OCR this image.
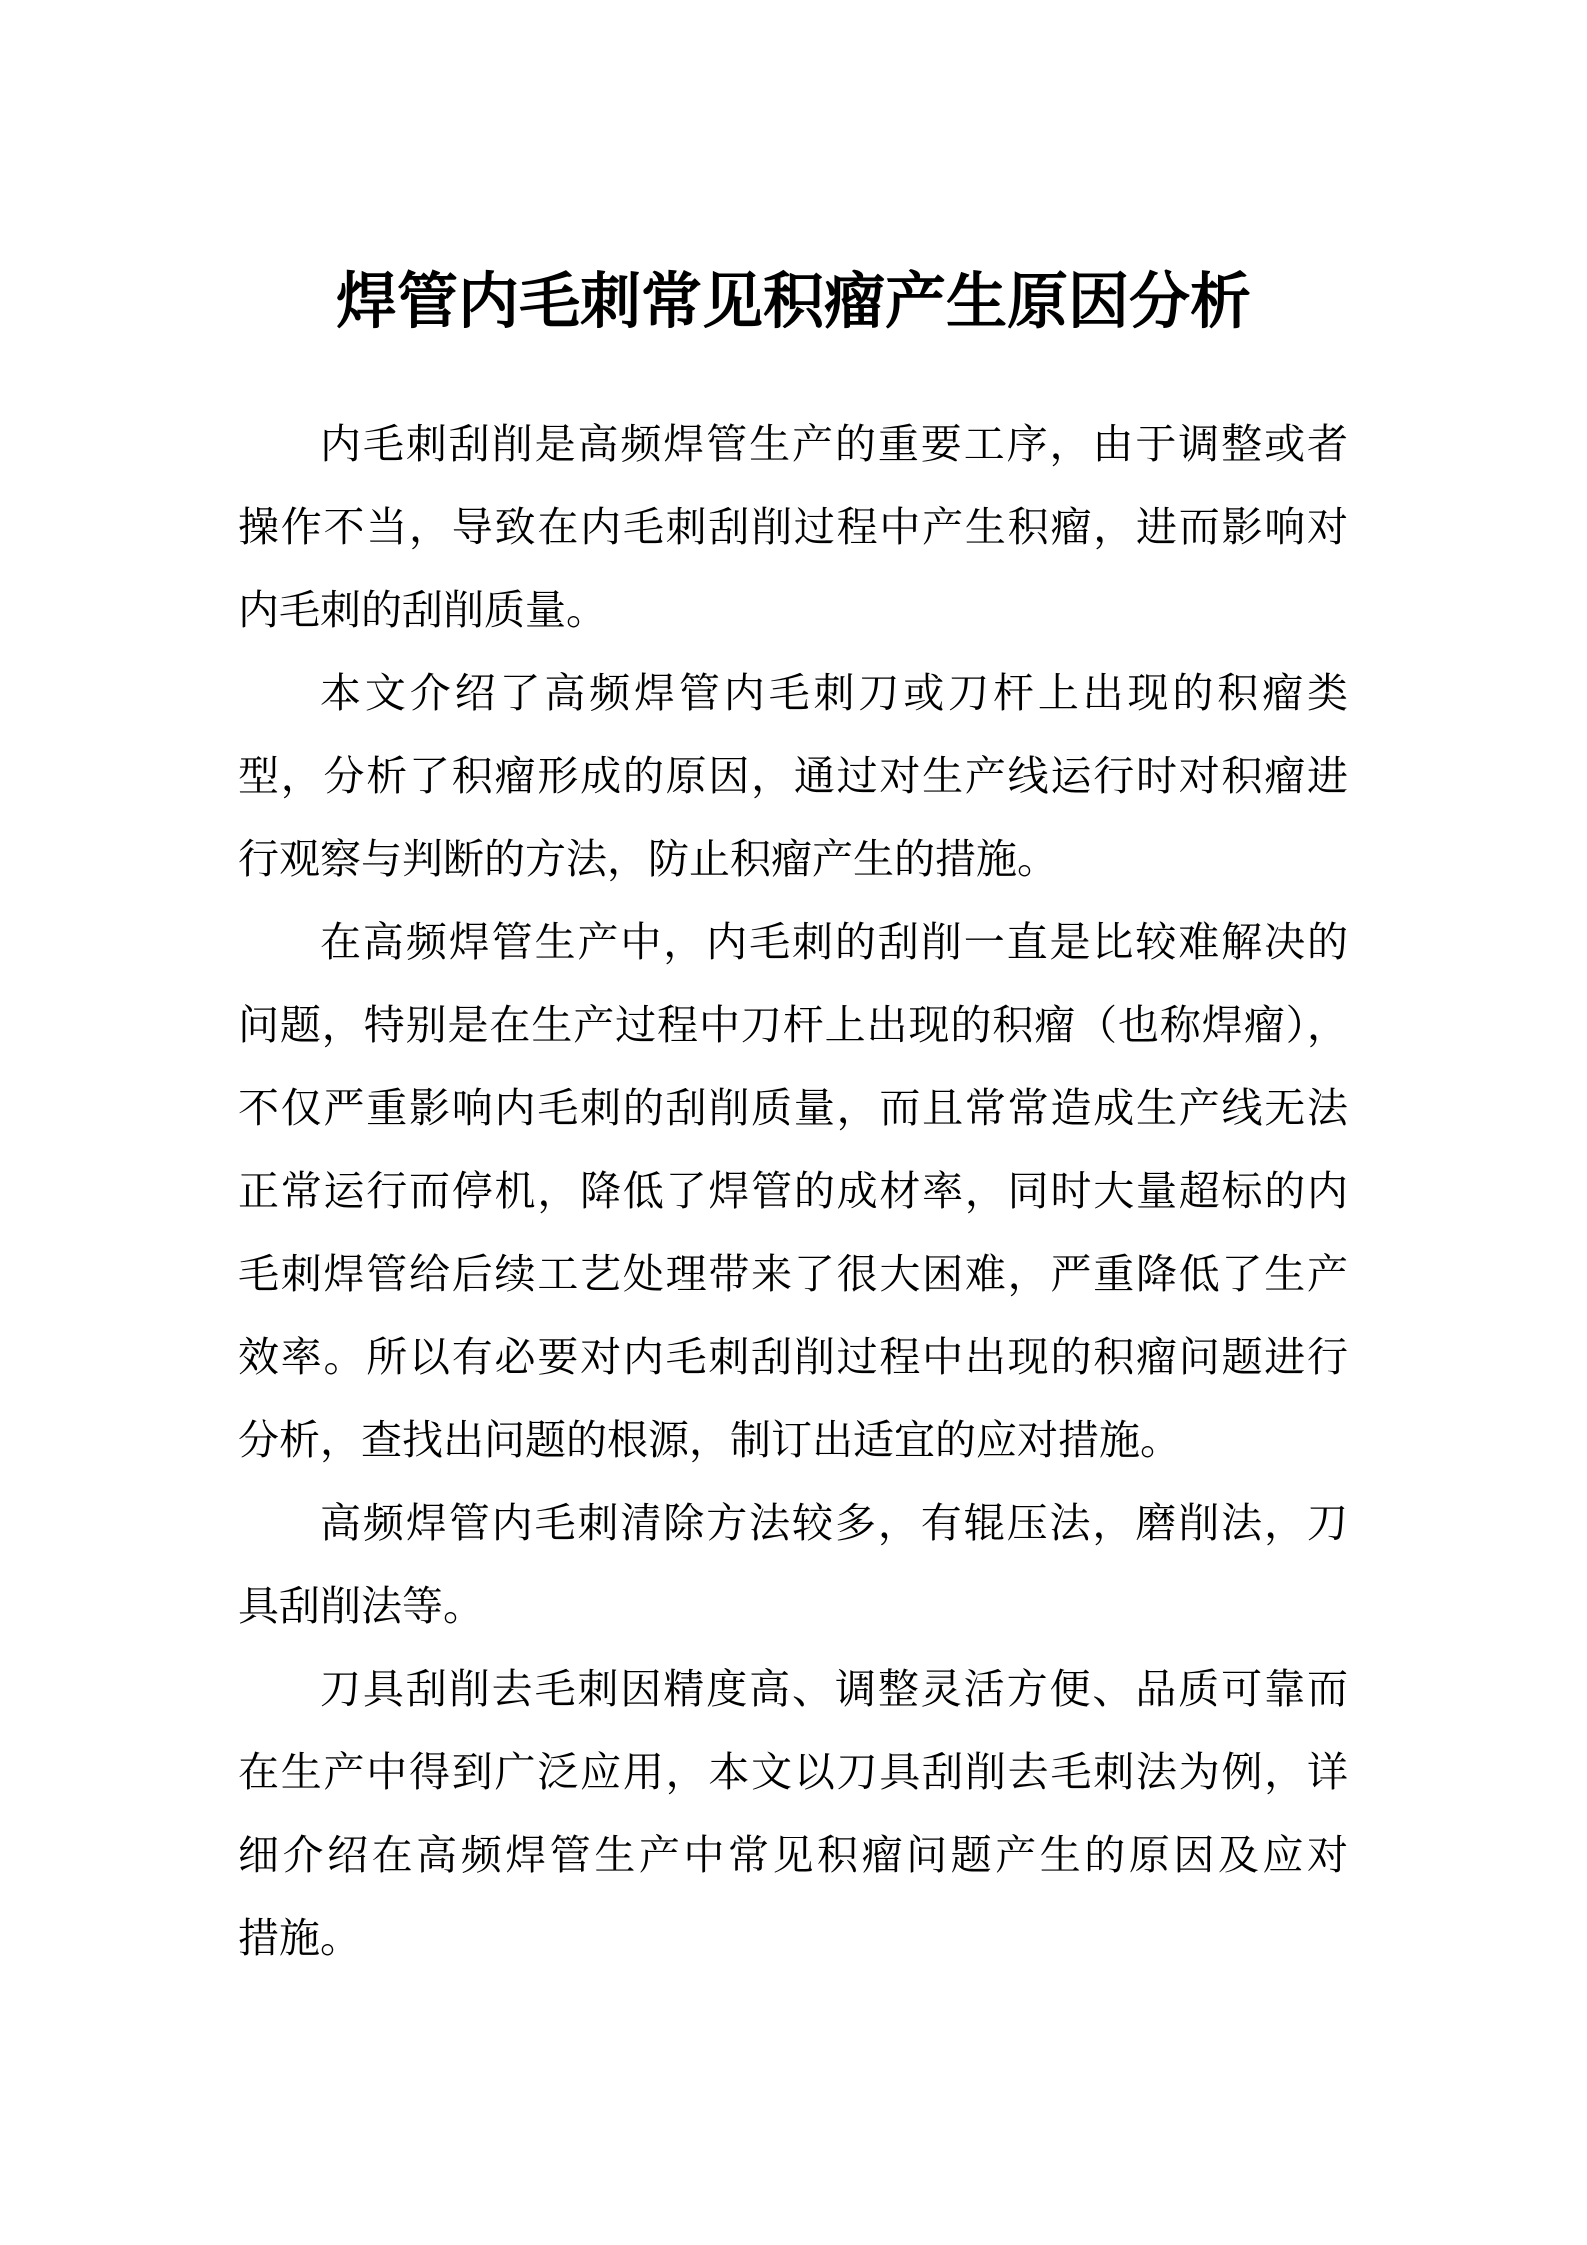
焊管内毛刺常见积瘤产生原因分析
内毛刺刮削是高频焊管生产的重要工序，由于调整或者
操作不当，导致在内毛刺刮削过程中产生积瘤，进而影响对
内毛刺的刮削质量。
本文介绍了高频焊管内毛刺刀或刀杆上出现的积瘤类
型，分析了积瘤形成的原因，通过对生产线运行时对积瘤进
行观察与判断的方法，防止积瘤产生的措施。
在高频焊管生产中，内毛刺的刮削一直是比较难解决的
问题，特别是在生产过程中刀杆上出现的积瘤（也称焊瘤），
不仅严重影响内毛刺的刮削质量，而且常常造成生产线无法
正常运行而停机，降低了焊管的成材率，同时大量超标的内
毛刺焊管给后续工艺处理带来了很大困难，严重降低了生产
效率。所以有必要对内毛刺刮削过程中出现的积瘤问题进行
分析，查找出问题的根源，制订出适宜的应对措施。
高频焊管内毛刺清除方法较多，有辊压法，磨削法，刀
具刮削法等。
刀具刮削去毛刺因精度高、调整灵活方便、品质可靠而
在生产中得到广泛应用，本文以刀具刮削去毛刺法为例，详
细介绍在高频焊管生产中常见积瘤问题产生的原因及应对
措施。
